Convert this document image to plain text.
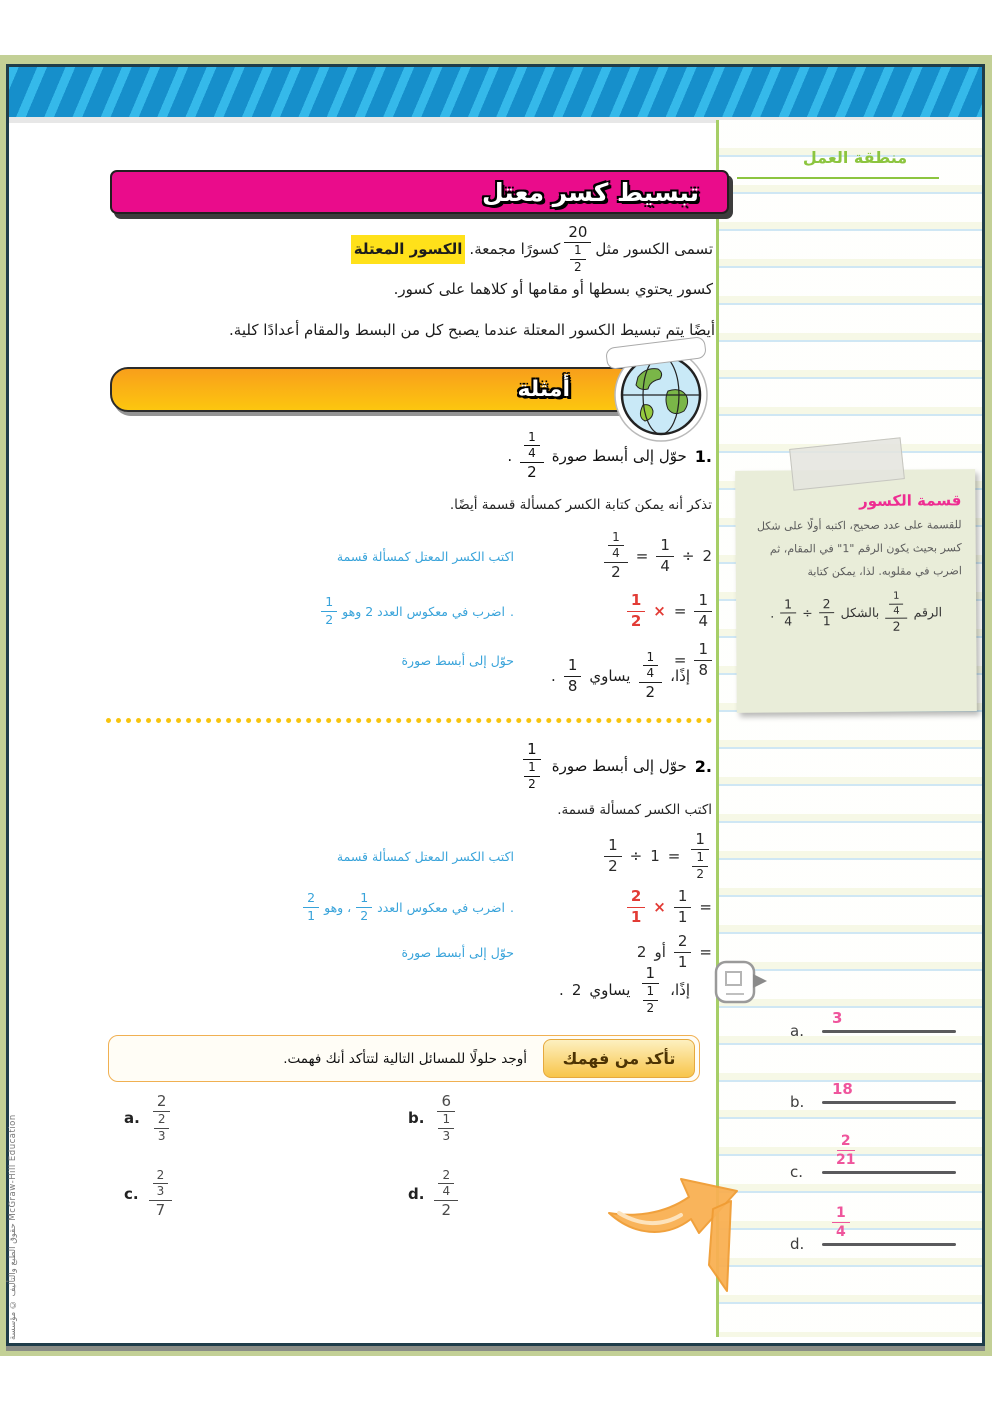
منطقة العمل
قسمة الكسور
للقسمة على عدد صحيح، اكتبه أولًا على شكل كسر بحيث يكون الرقم "1" في المقام، ثم اضرب في مقلوبه. لذا، يمكن كتابة
الرقم
$\frac{\frac{1}{4}}{2}$
بالشكل
$\frac{2}{1}$
÷
$\frac{1}{4}$
.
تبسيط كسر معتل
تسمى الكسور مثل
$\frac{20}{\frac{1}{2}}$
كسورًا مجمعة.الكسور المعتلةكسور يحتوي بسطها أو مقامها أو كلاهما على كسور.
أيضًا يتم تبسيط الكسور المعتلة عندما يصبح كل من البسط والمقام أعدادًا كلية.
أمثلة
1.
حوّل إلى أبسط صورة
$\frac{\frac{1}{4}}{2}$
.
تذكر أنه يمكن كتابة الكسر كمسألة قسمة أيضًا.
2
÷
$\frac{1}{4}$
=
$\frac{\frac{1}{4}}{2}$
اكتب الكسر المعتل كمسألة قسمة
$\frac{1}{4}$
=
×
$\frac{1}{2}$
.
اضرب في معكوس العدد 2 وهو
$\frac{1}{2}$
$\frac{1}{8}$
=
حوّل إلى أبسط صورة
إذًا،
$\frac{\frac{1}{4}}{2}$
يساوي
$\frac{1}{8}$
.
2.
حوّل إلى أبسط صورة
$\frac{1}{\frac{1}{2}}$
اكتب الكسر كمسألة قسمة.
$\frac{1}{\frac{1}{2}}$
=
1
÷
$\frac{1}{2}$
اكتب الكسر المعتل كمسألة قسمة
=
$\frac{1}{1}$
×
$\frac{2}{1}$
.
اضرب في معكوس العدد
$\frac{1}{2}$
، وهو
$\frac{2}{1}$
=
$\frac{2}{1}$
أو
2
حوّل إلى أبسط صورة
إذًا،
$\frac{1}{\frac{1}{2}}$
يساوي
2
.
تأكد من فهمك
أوجد حلولًا للمسائل التالية لتتأكد أنك فهمت.
a. $\frac{2}{\frac{2}{3}}$	b. $\frac{6}{\frac{1}{3}}$
c. $\frac{\frac{2}{3}}{7}$	d. $\frac{\frac{2}{4}}{2}$
a.
3
b.
18
c.
$\frac{2}{21}$
d.
$\frac{1}{4}$
حقوق الطبع والتأليف © مؤسسة McGraw-Hill Education
